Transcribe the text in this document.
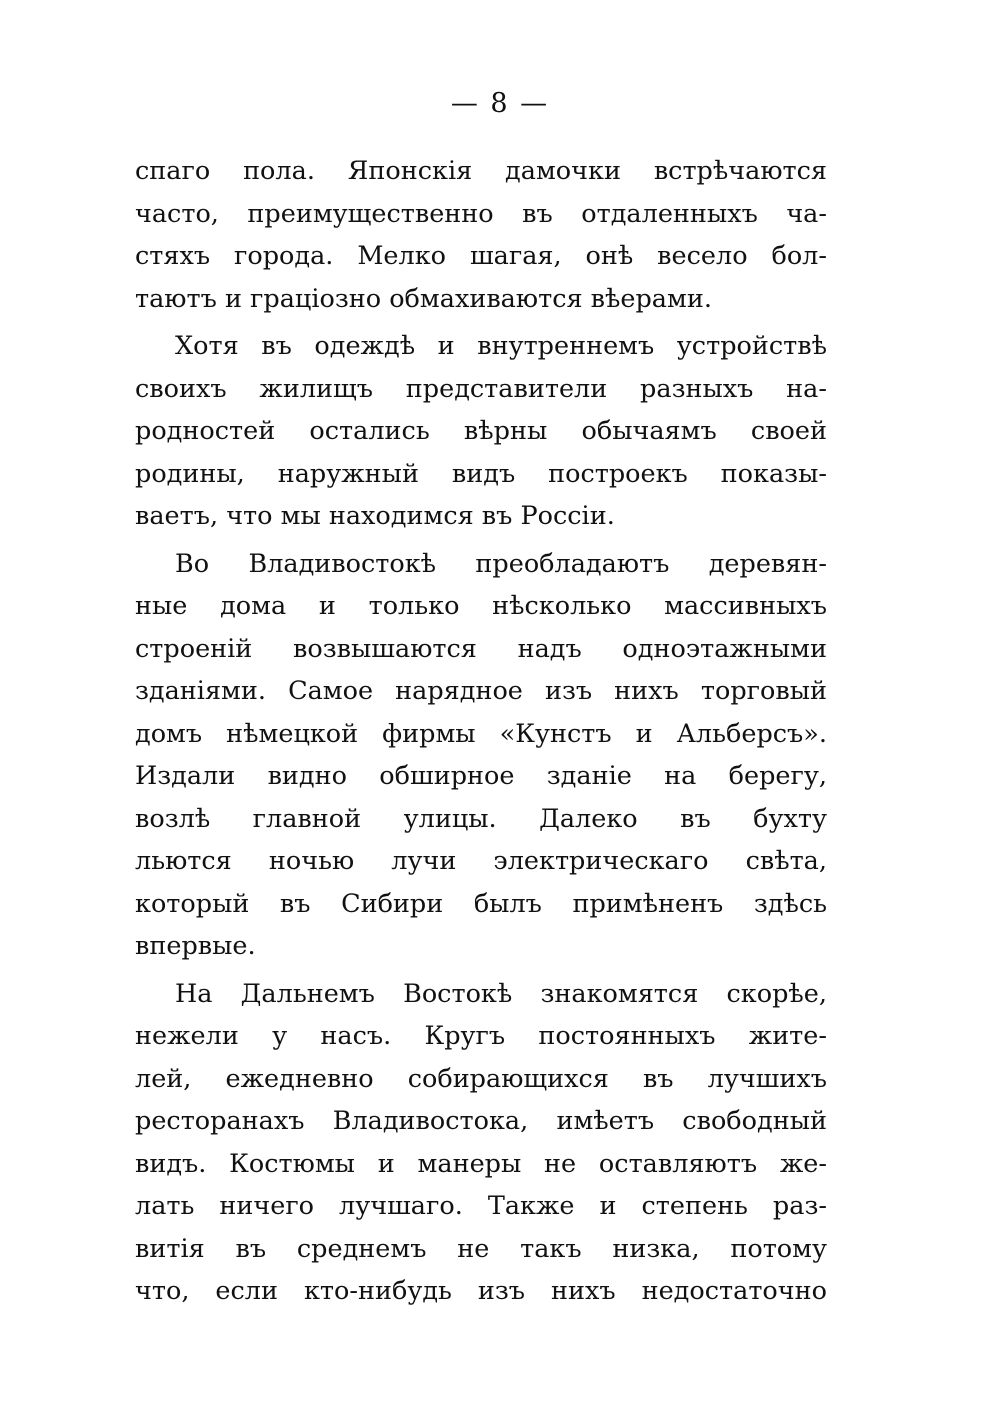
— 8 —
спаго пола. Японскія дамочки встрѣчаются
часто, преимущественно въ отдаленныхъ ча-
стяхъ города. Мелко шагая, онѣ весело бол-
таютъ и граціозно обмахиваются вѣерами.
Хотя въ одеждѣ и внутреннемъ устройствѣ
своихъ жилищъ представители разныхъ на-
родностей остались вѣрны обычаямъ своей
родины, наружный видъ построекъ показы-
ваетъ, что мы находимся въ Россіи.
Во Владивостокѣ преобладаютъ деревян-
ные дома и только нѣсколько массивныхъ
строеній возвышаются надъ одноэтажными
зданіями. Самое нарядное изъ нихъ торговый
домъ нѣмецкой фирмы «Кунстъ и Альберсъ».
Издали видно обширное зданіе на берегу,
возлѣ главной улицы. Далеко въ бухту
льются ночью лучи электрическаго свѣта,
который въ Сибири былъ примѣненъ здѣсь
впервые.
На Дальнемъ Востокѣ знакомятся скорѣе,
нежели у насъ. Кругъ постоянныхъ жите-
лей, ежедневно собирающихся въ лучшихъ
ресторанахъ Владивостока, имѣетъ свободный
видъ. Костюмы и манеры не оставляютъ же-
лать ничего лучшаго. Также и степень раз-
витія въ среднемъ не такъ низка, потому
что, если кто-нибудь изъ нихъ недостаточно
